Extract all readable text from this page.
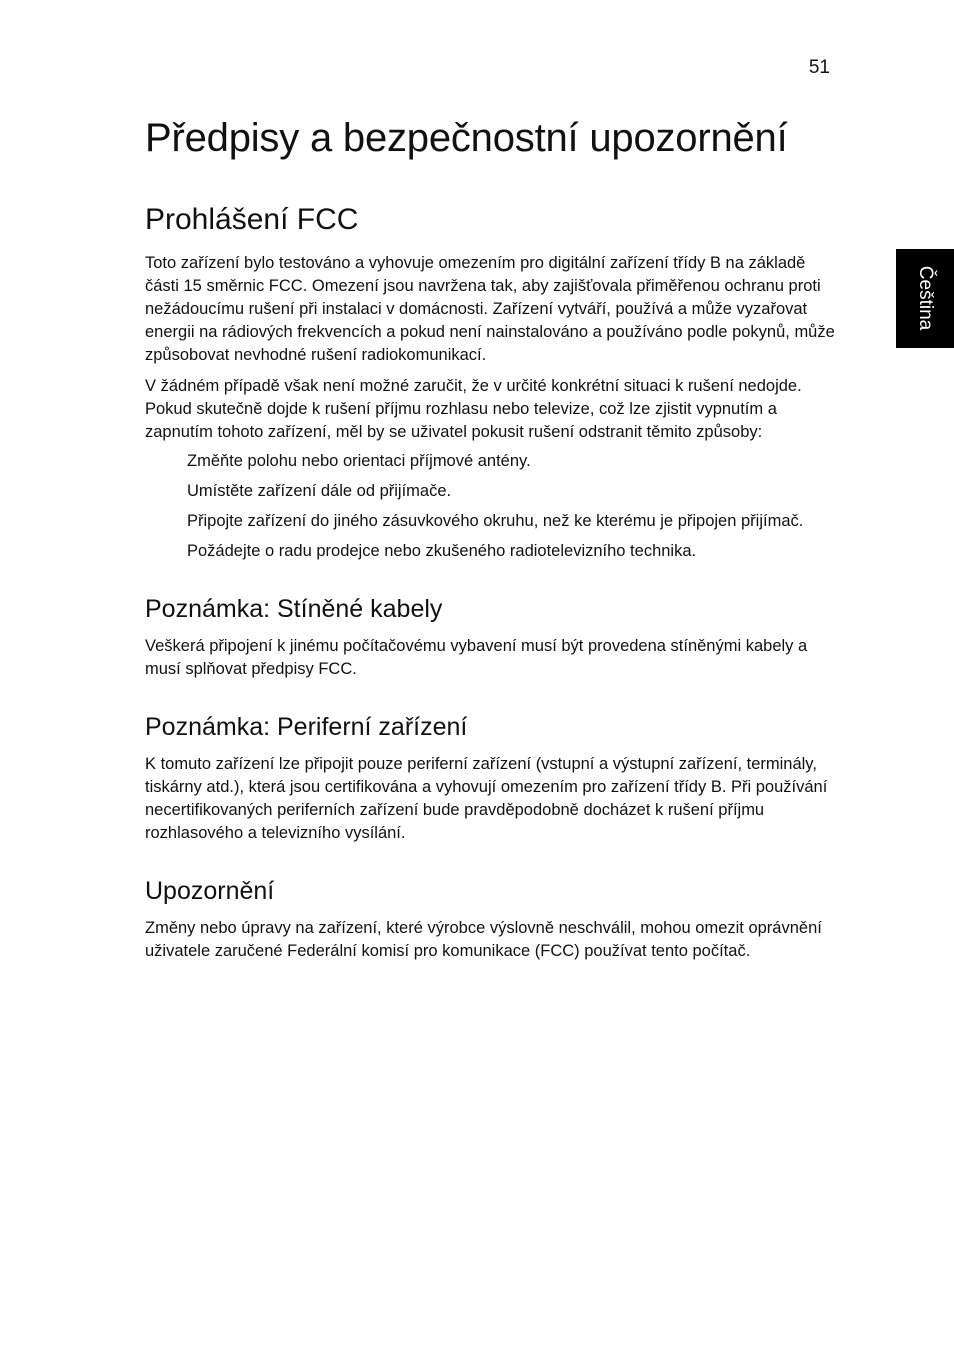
51
Čeština
Předpisy a bezpečnostní upozornění
Prohlášení FCC

Toto zařízení bylo testováno a vyhovuje omezením pro digitální zařízení třídy B na základě části 15 směrnic FCC. Omezení jsou navržena tak, aby zajišťovala přiměřenou ochranu proti nežádoucímu rušení při instalaci v domácnosti. Zařízení vytváří, používá a může vyzařovat energii na rádiových frekvencích a pokud není nainstalováno a používáno podle pokynů, může způsobovat nevhodné rušení radiokomunikací.

V žádném případě však není možné zaručit, že v určité konkrétní situaci k rušení nedojde. Pokud skutečně dojde k rušení příjmu rozhlasu nebo televize, což lze zjistit vypnutím a zapnutím tohoto zařízení, měl by se uživatel pokusit rušení odstranit těmito způsoby:

Změňte polohu nebo orientaci příjmové antény.
Umístěte zařízení dále od přijímače.
Připojte zařízení do jiného zásuvkového okruhu, než ke kterému je připojen přijímač.
Požádejte o radu prodejce nebo zkušeného radiotelevizního technika.
Poznámka: Stíněné kabely

Veškerá připojení k jinému počítačovému vybavení musí být provedena stíněnými kabely a musí splňovat předpisy FCC.

Poznámka: Periferní zařízení

K tomuto zařízení lze připojit pouze periferní zařízení (vstupní a výstupní zařízení, terminály, tiskárny atd.), která jsou certifikována a vyhovují omezením pro zařízení třídy B. Při používání necertifikovaných periferních zařízení bude pravděpodobně docházet k rušení příjmu rozhlasového a televizního vysílání.

Upozornění

Změny nebo úpravy na zařízení, které výrobce výslovně neschválil, mohou omezit oprávnění uživatele zaručené Federální komisí pro komunikace (FCC) používat tento počítač.
